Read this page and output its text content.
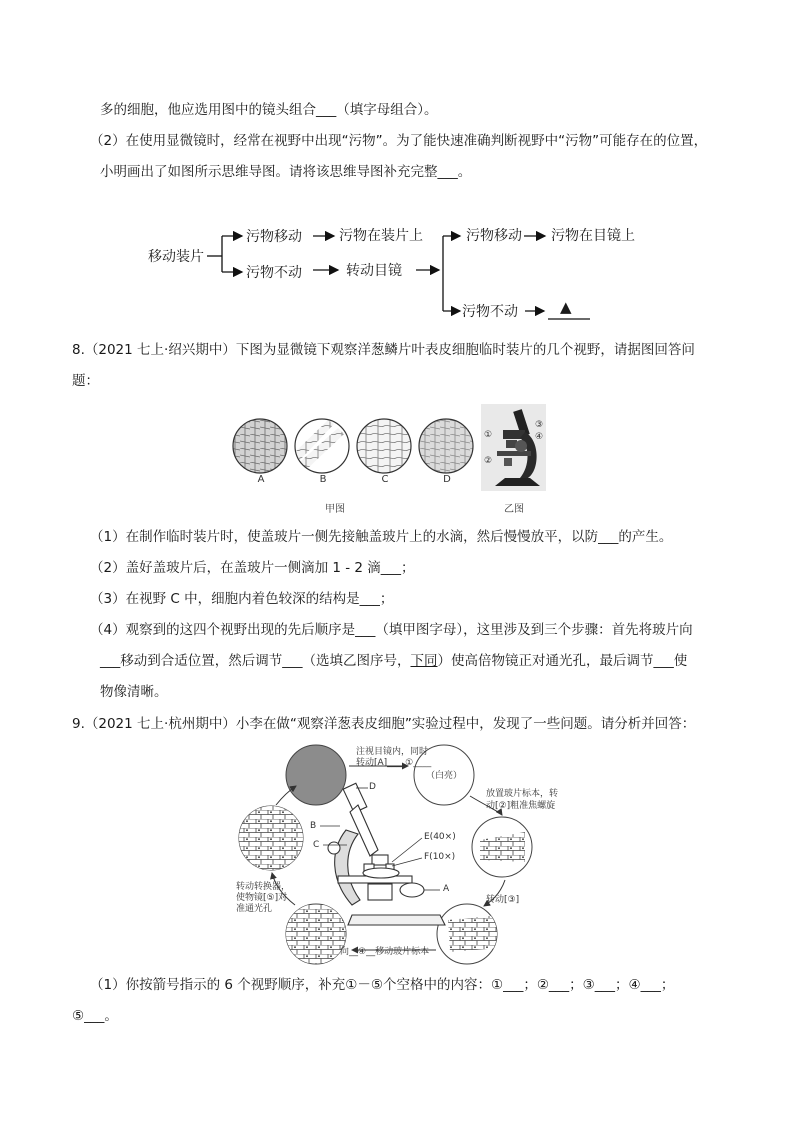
多的细胞，他应选用图中的镜头组合___（填字母组合）。
（2）在使用显微镜时，经常在视野中出现“污物”。为了能快速准确判断视野中“污物”可能存在的位置，
小明画出了如图所示思维导图。请将该思维导图补充完整___。
移动装片
污物移动	污物在装片上
污物不动	转动目镜
污物移动 污物在目镜上
污物不动	▲
8.（2021 七上·绍兴期中）下图为显微镜下观察洋葱鳞片叶表皮细胞临时装片的几个视野，请据图回答问
题：
A	B	C	D
①
②
③
④
甲图	乙图
（1）在制作临时装片时，使盖玻片一侧先接触盖玻片上的水滴，然后慢慢放平，以防___的产生。
（2）盖好盖玻片后，在盖玻片一侧滴加 1 - 2 滴___；
（3）在视野 C 中，细胞内着色较深的结构是___；
（4）观察到的这四个视野出现的先后顺序是___（填甲图字母），这里涉及到三个步骤：首先将玻片向
___移动到合适位置，然后调节___（选填乙图序号，下同）使高倍物镜正对通光孔，最后调节___使
物像清晰。
9.（2021 七上·杭州期中）小李在做“观察洋葱表皮细胞”实验过程中，发现了一些问题。请分析并回答：
注视目镜内，同时
转动[A]____①____
（白亮）
放置玻片标本，转
动[②]粗准焦螺旋
转动[③]
向__④__移动玻片标本
转动转换器，
使物镜[⑤]对
准通光孔
D
B
C
E(40×)
F(10×)
A
（1）你按箭号指示的 6 个视野顺序，补充①－⑤个空格中的内容：①___；②___；③___；④___；
⑤___。
